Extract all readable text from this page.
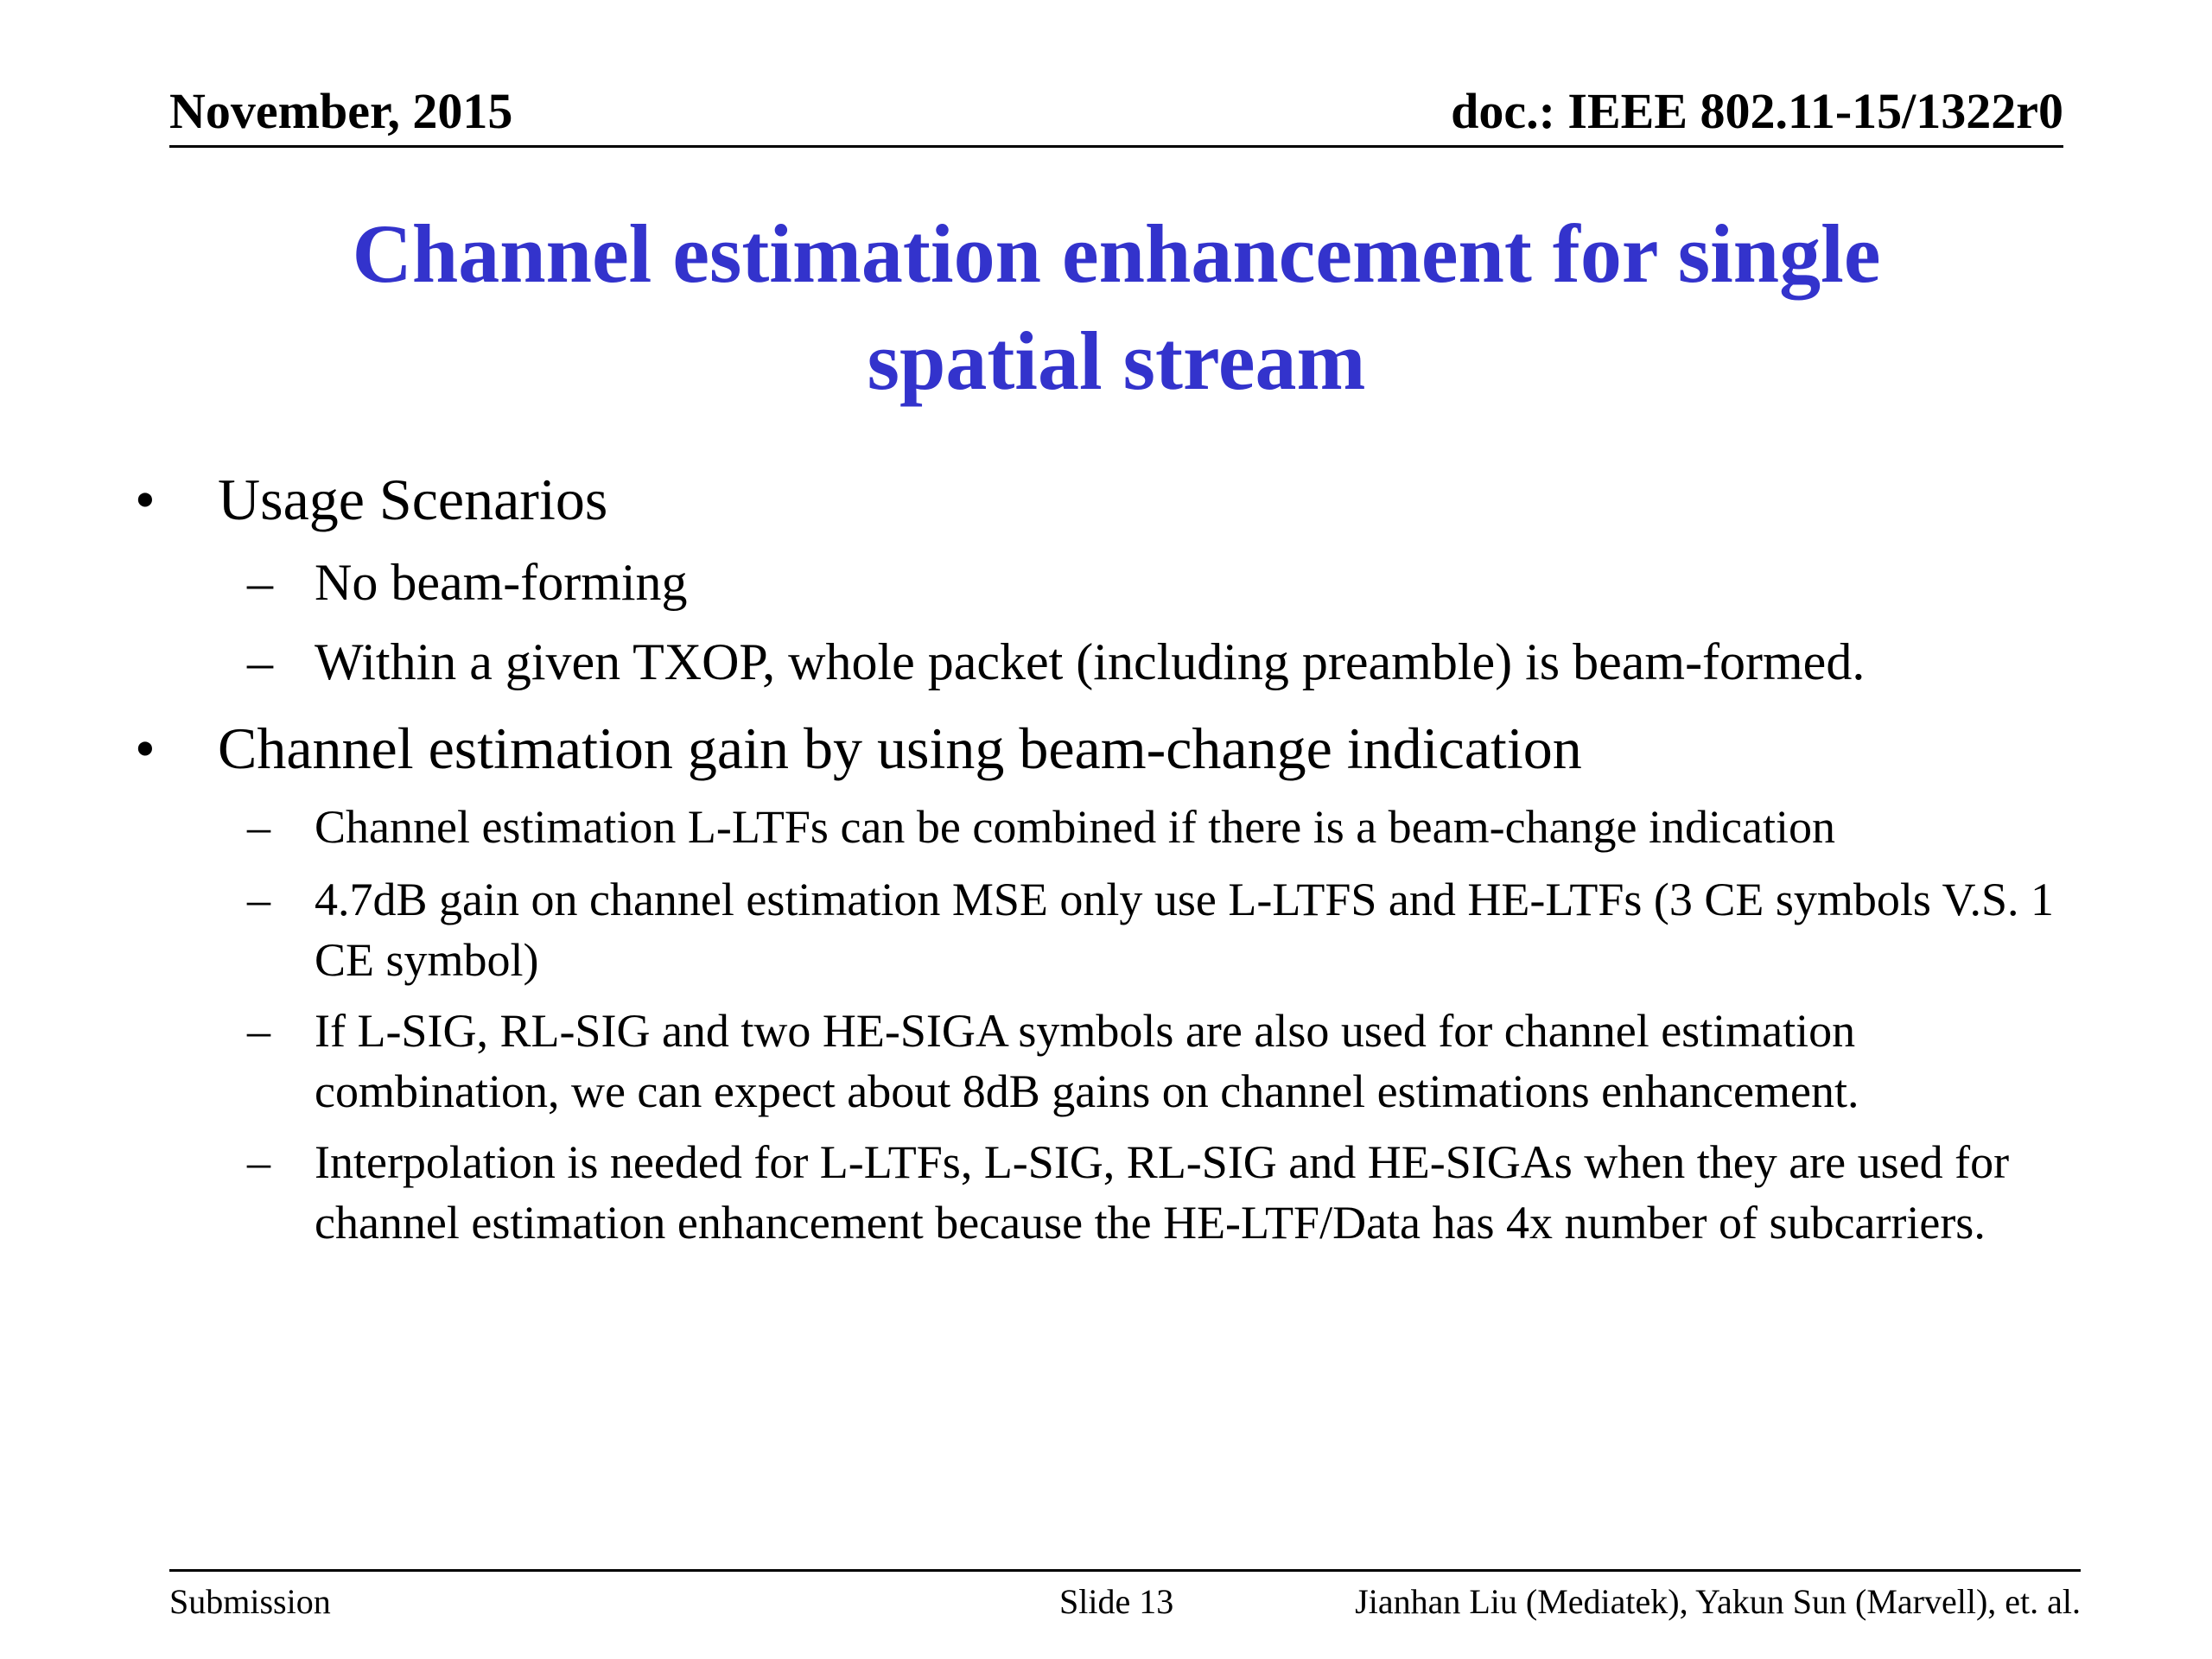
November, 2015	doc.: IEEE 802.11-15/1322r0
Channel estimation enhancement for single
spatial stream
• Usage Scenarios
– No beam-forming
– Within a given TXOP, whole packet (including preamble) is beam-formed.
• Channel estimation gain by using beam-change indication
– Channel estimation L-LTFs can be combined if there is a beam-change indication
– 4.7dB gain on channel estimation MSE only use L-LTFS and HE-LTFs (3 CE symbols V.S. 1 CE symbol)
– If L-SIG, RL-SIG and two HE-SIGA symbols are also used for channel estimation combination, we can expect about 8dB gains on channel estimations enhancement.
– Interpolation is needed for L-LTFs, L-SIG, RL-SIG and HE-SIGAs when they are used for channel estimation enhancement because the HE-LTF/Data has 4x number of subcarriers.
Submission	Slide 13	Jianhan Liu (Mediatek), Yakun Sun (Marvell), et. al.
